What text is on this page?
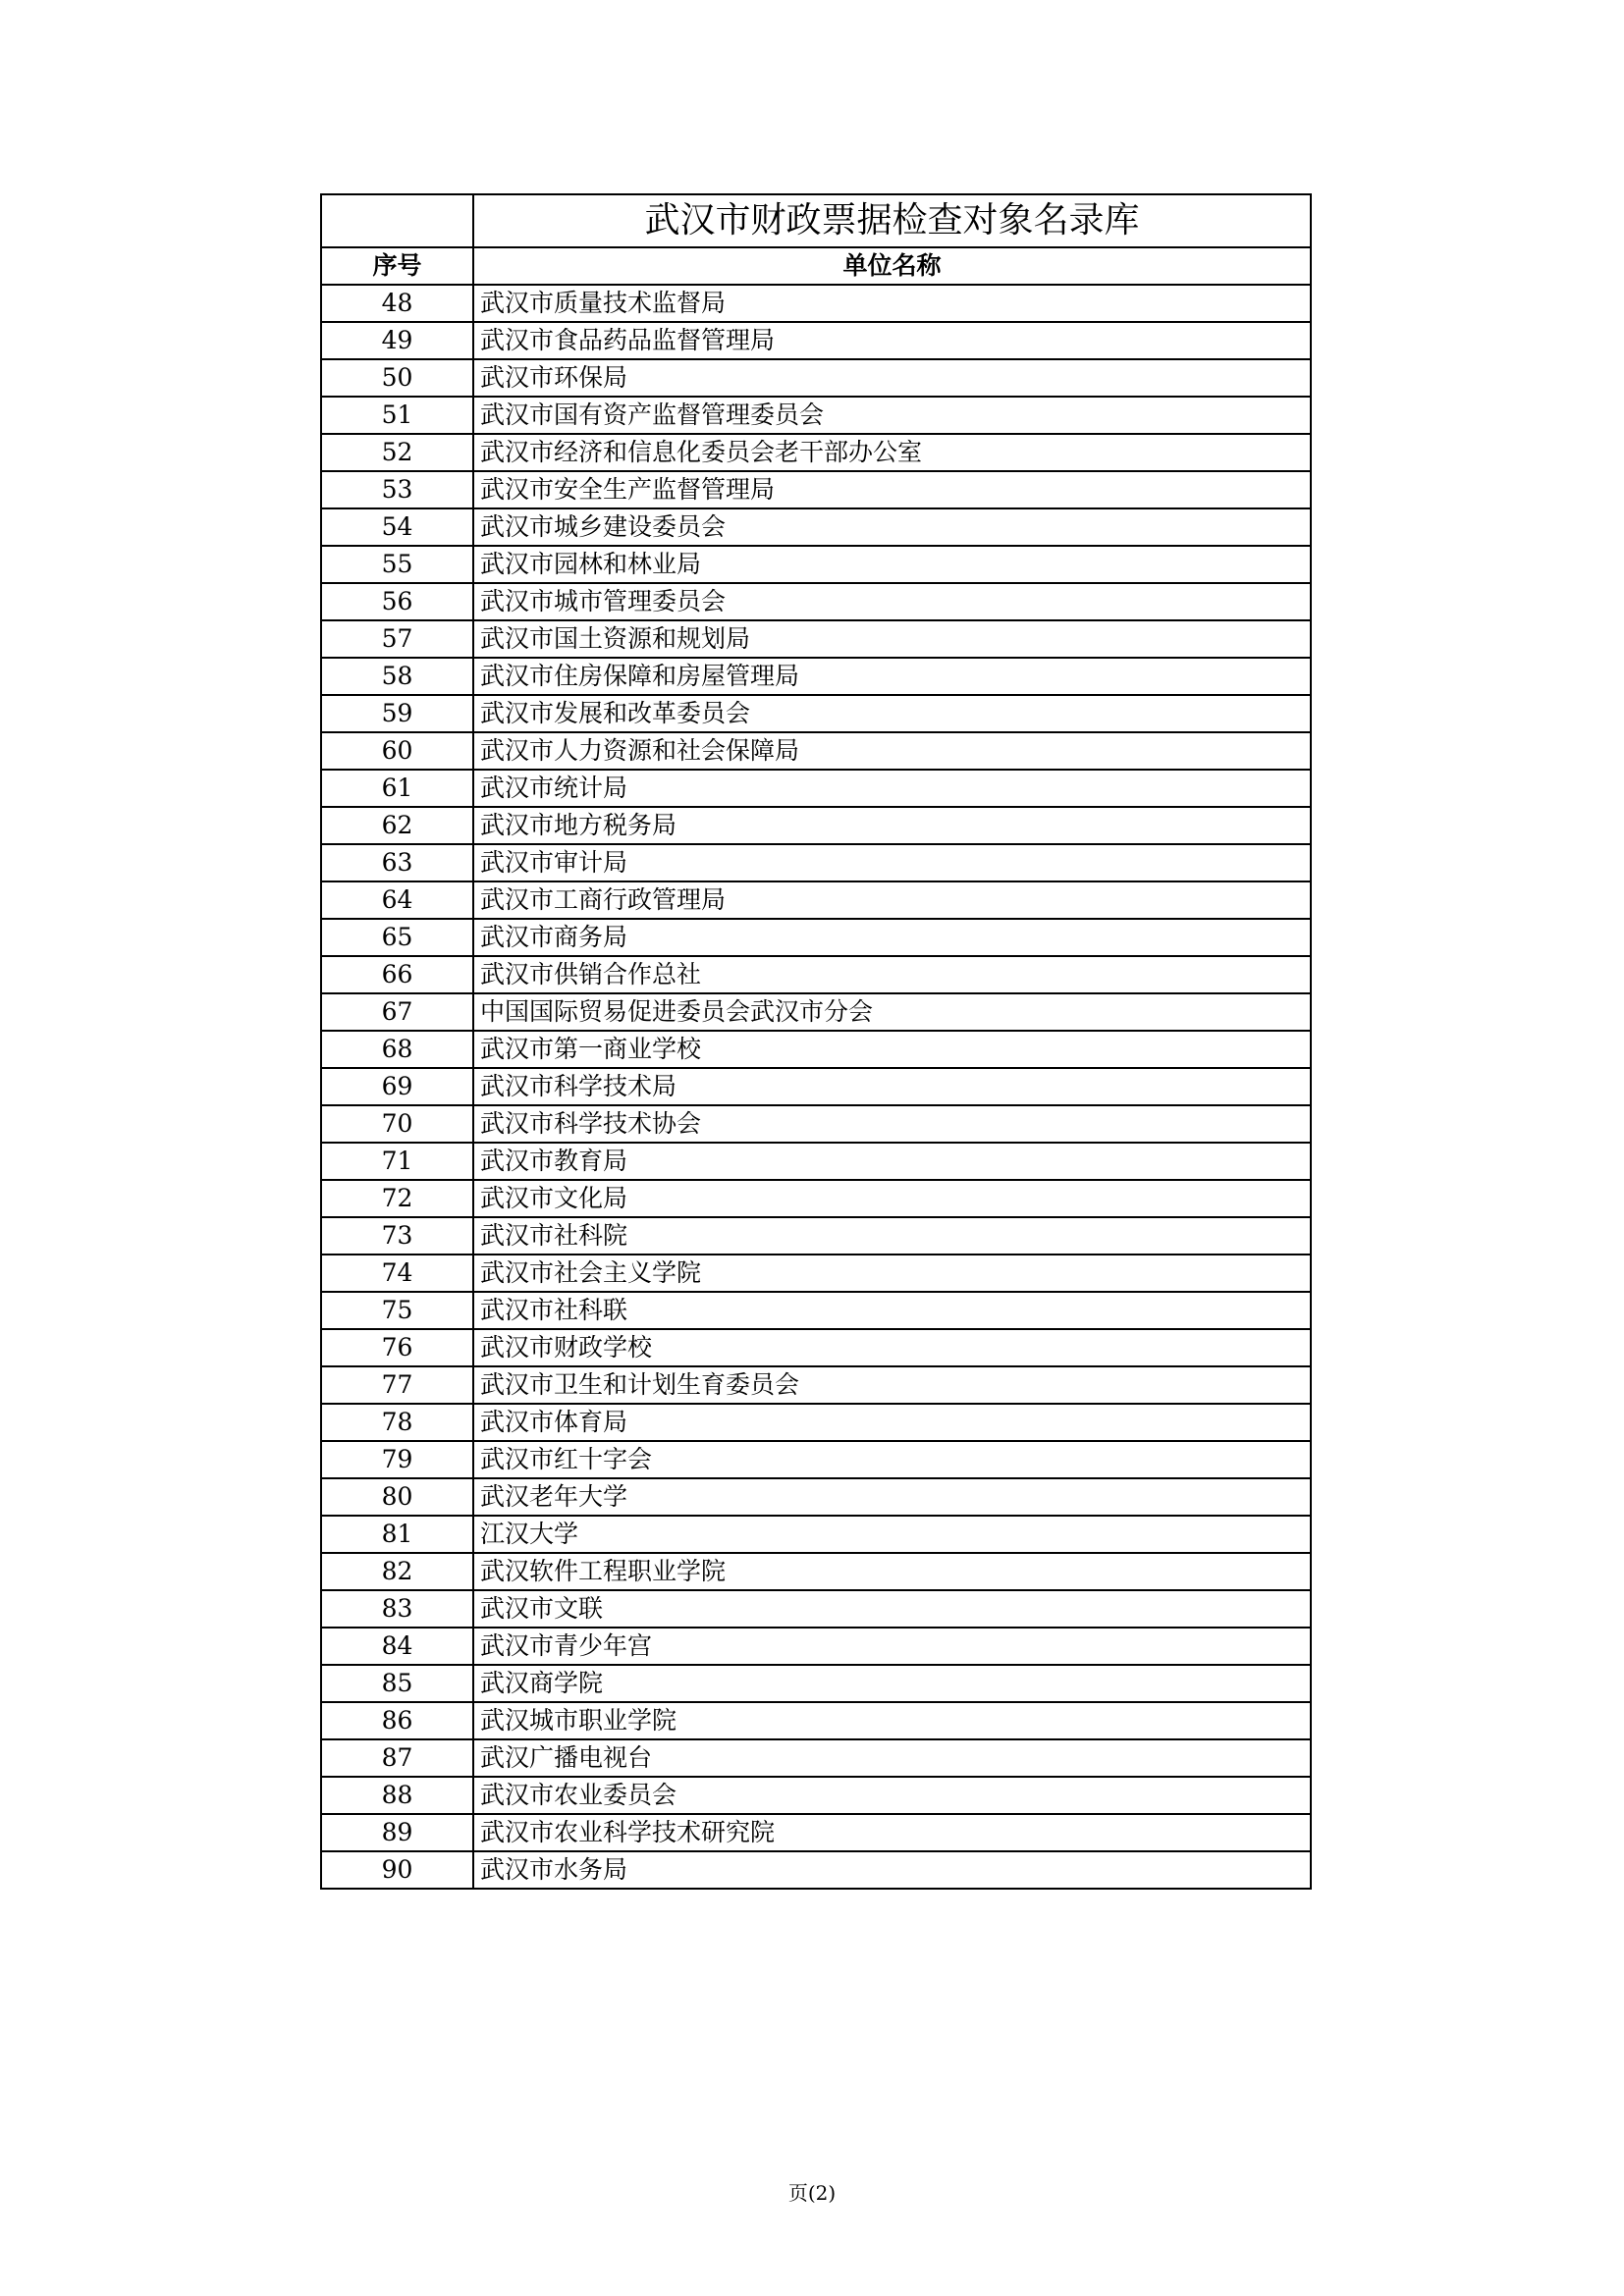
	武汉市财政票据检查对象名录库
序号	单位名称
48	武汉市质量技术监督局
49	武汉市食品药品监督管理局
50	武汉市环保局
51	武汉市国有资产监督管理委员会
52	武汉市经济和信息化委员会老干部办公室
53	武汉市安全生产监督管理局
54	武汉市城乡建设委员会
55	武汉市园林和林业局
56	武汉市城市管理委员会
57	武汉市国土资源和规划局
58	武汉市住房保障和房屋管理局
59	武汉市发展和改革委员会
60	武汉市人力资源和社会保障局
61	武汉市统计局
62	武汉市地方税务局
63	武汉市审计局
64	武汉市工商行政管理局
65	武汉市商务局
66	武汉市供销合作总社
67	中国国际贸易促进委员会武汉市分会
68	武汉市第一商业学校
69	武汉市科学技术局
70	武汉市科学技术协会
71	武汉市教育局
72	武汉市文化局
73	武汉市社科院
74	武汉市社会主义学院
75	武汉市社科联
76	武汉市财政学校
77	武汉市卫生和计划生育委员会
78	武汉市体育局
79	武汉市红十字会
80	武汉老年大学
81	江汉大学
82	武汉软件工程职业学院
83	武汉市文联
84	武汉市青少年宫
85	武汉商学院
86	武汉城市职业学院
87	武汉广播电视台
88	武汉市农业委员会
89	武汉市农业科学技术研究院
90	武汉市水务局
页(2)
